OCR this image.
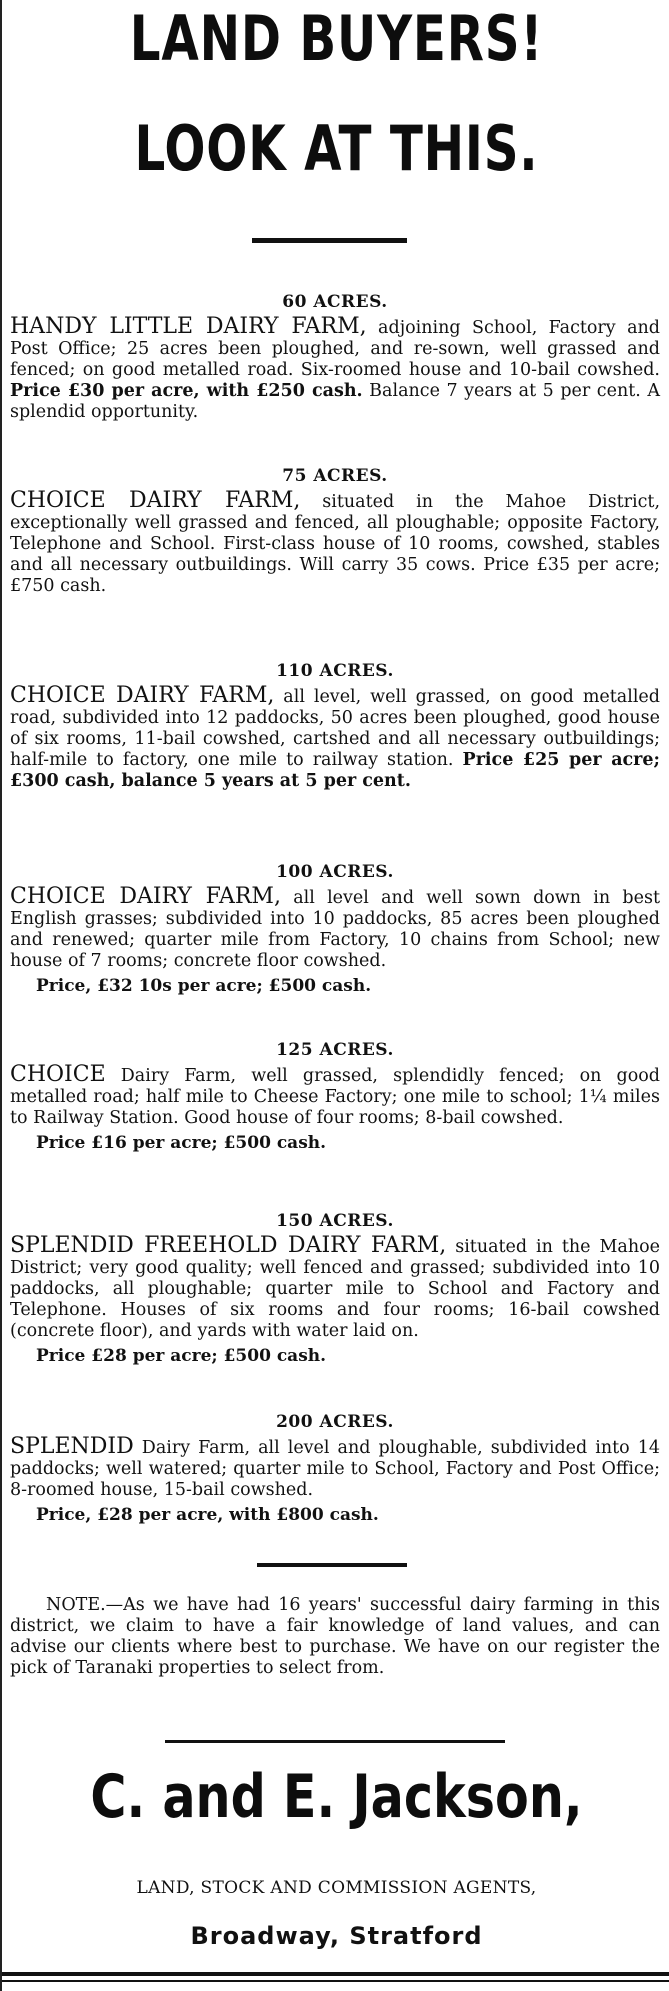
LAND BUYERS!
LOOK AT THIS.
60 ACRES.

HANDY LITTLE DAIRY FARM, adjoining School, Factory and Post Office; 25 acres been ploughed, and re-sown, well grassed and fenced; on good metalled road. Six-roomed house and 10-bail cowshed. Price £30 per acre, with £250 cash. Balance 7 years at 5 per cent. A splendid opportunity.

75 ACRES.

CHOICE DAIRY FARM, situated in the Mahoe District, exceptionally well grassed and fenced, all ploughable; opposite Factory, Telephone and School. First-class house of 10 rooms, cowshed, stables and all necessary outbuildings. Will carry 35 cows. Price £35 per acre; £750 cash.

110 ACRES.

CHOICE DAIRY FARM, all level, well grassed, on good metalled road, subdivided into 12 paddocks, 50 acres been ploughed, good house of six rooms, 11-bail cowshed, cartshed and all necessary outbuildings; half-mile to factory, one mile to railway station. Price £25 per acre; £300 cash, balance 5 years at 5 per cent.

100 ACRES.

CHOICE DAIRY FARM, all level and well sown down in best English grasses; subdivided into 10 paddocks, 85 acres been ploughed and renewed; quarter mile from Factory, 10 chains from School; new house of 7 rooms; concrete floor cowshed.

Price, £32 10s per acre; £500 cash.
125 ACRES.

CHOICE Dairy Farm, well grassed, splendidly fenced; on good metalled road; half mile to Cheese Factory; one mile to school; 1¼ miles to Railway Station. Good house of four rooms; 8-bail cowshed.

Price £16 per acre; £500 cash.
150 ACRES.

SPLENDID FREEHOLD DAIRY FARM, situated in the Mahoe District; very good quality; well fenced and grassed; subdivided into 10 paddocks, all ploughable; quarter mile to School and Factory and Telephone. Houses of six rooms and four rooms; 16-bail cowshed (concrete floor), and yards with water laid on.

Price £28 per acre; £500 cash.
200 ACRES.

SPLENDID Dairy Farm, all level and ploughable, subdivided into 14 paddocks; well watered; quarter mile to School, Factory and Post Office; 8-roomed house, 15-bail cowshed.

Price, £28 per acre, with £800 cash.

NOTE.—As we have had 16 years' successful dairy farming in this district, we claim to have a fair knowledge of land values, and can advise our clients where best to purchase. We have on our register the pick of Taranaki properties to select from.

C. and E. Jackson,
LAND, STOCK AND COMMISSION AGENTS,
Broadway, Stratford
